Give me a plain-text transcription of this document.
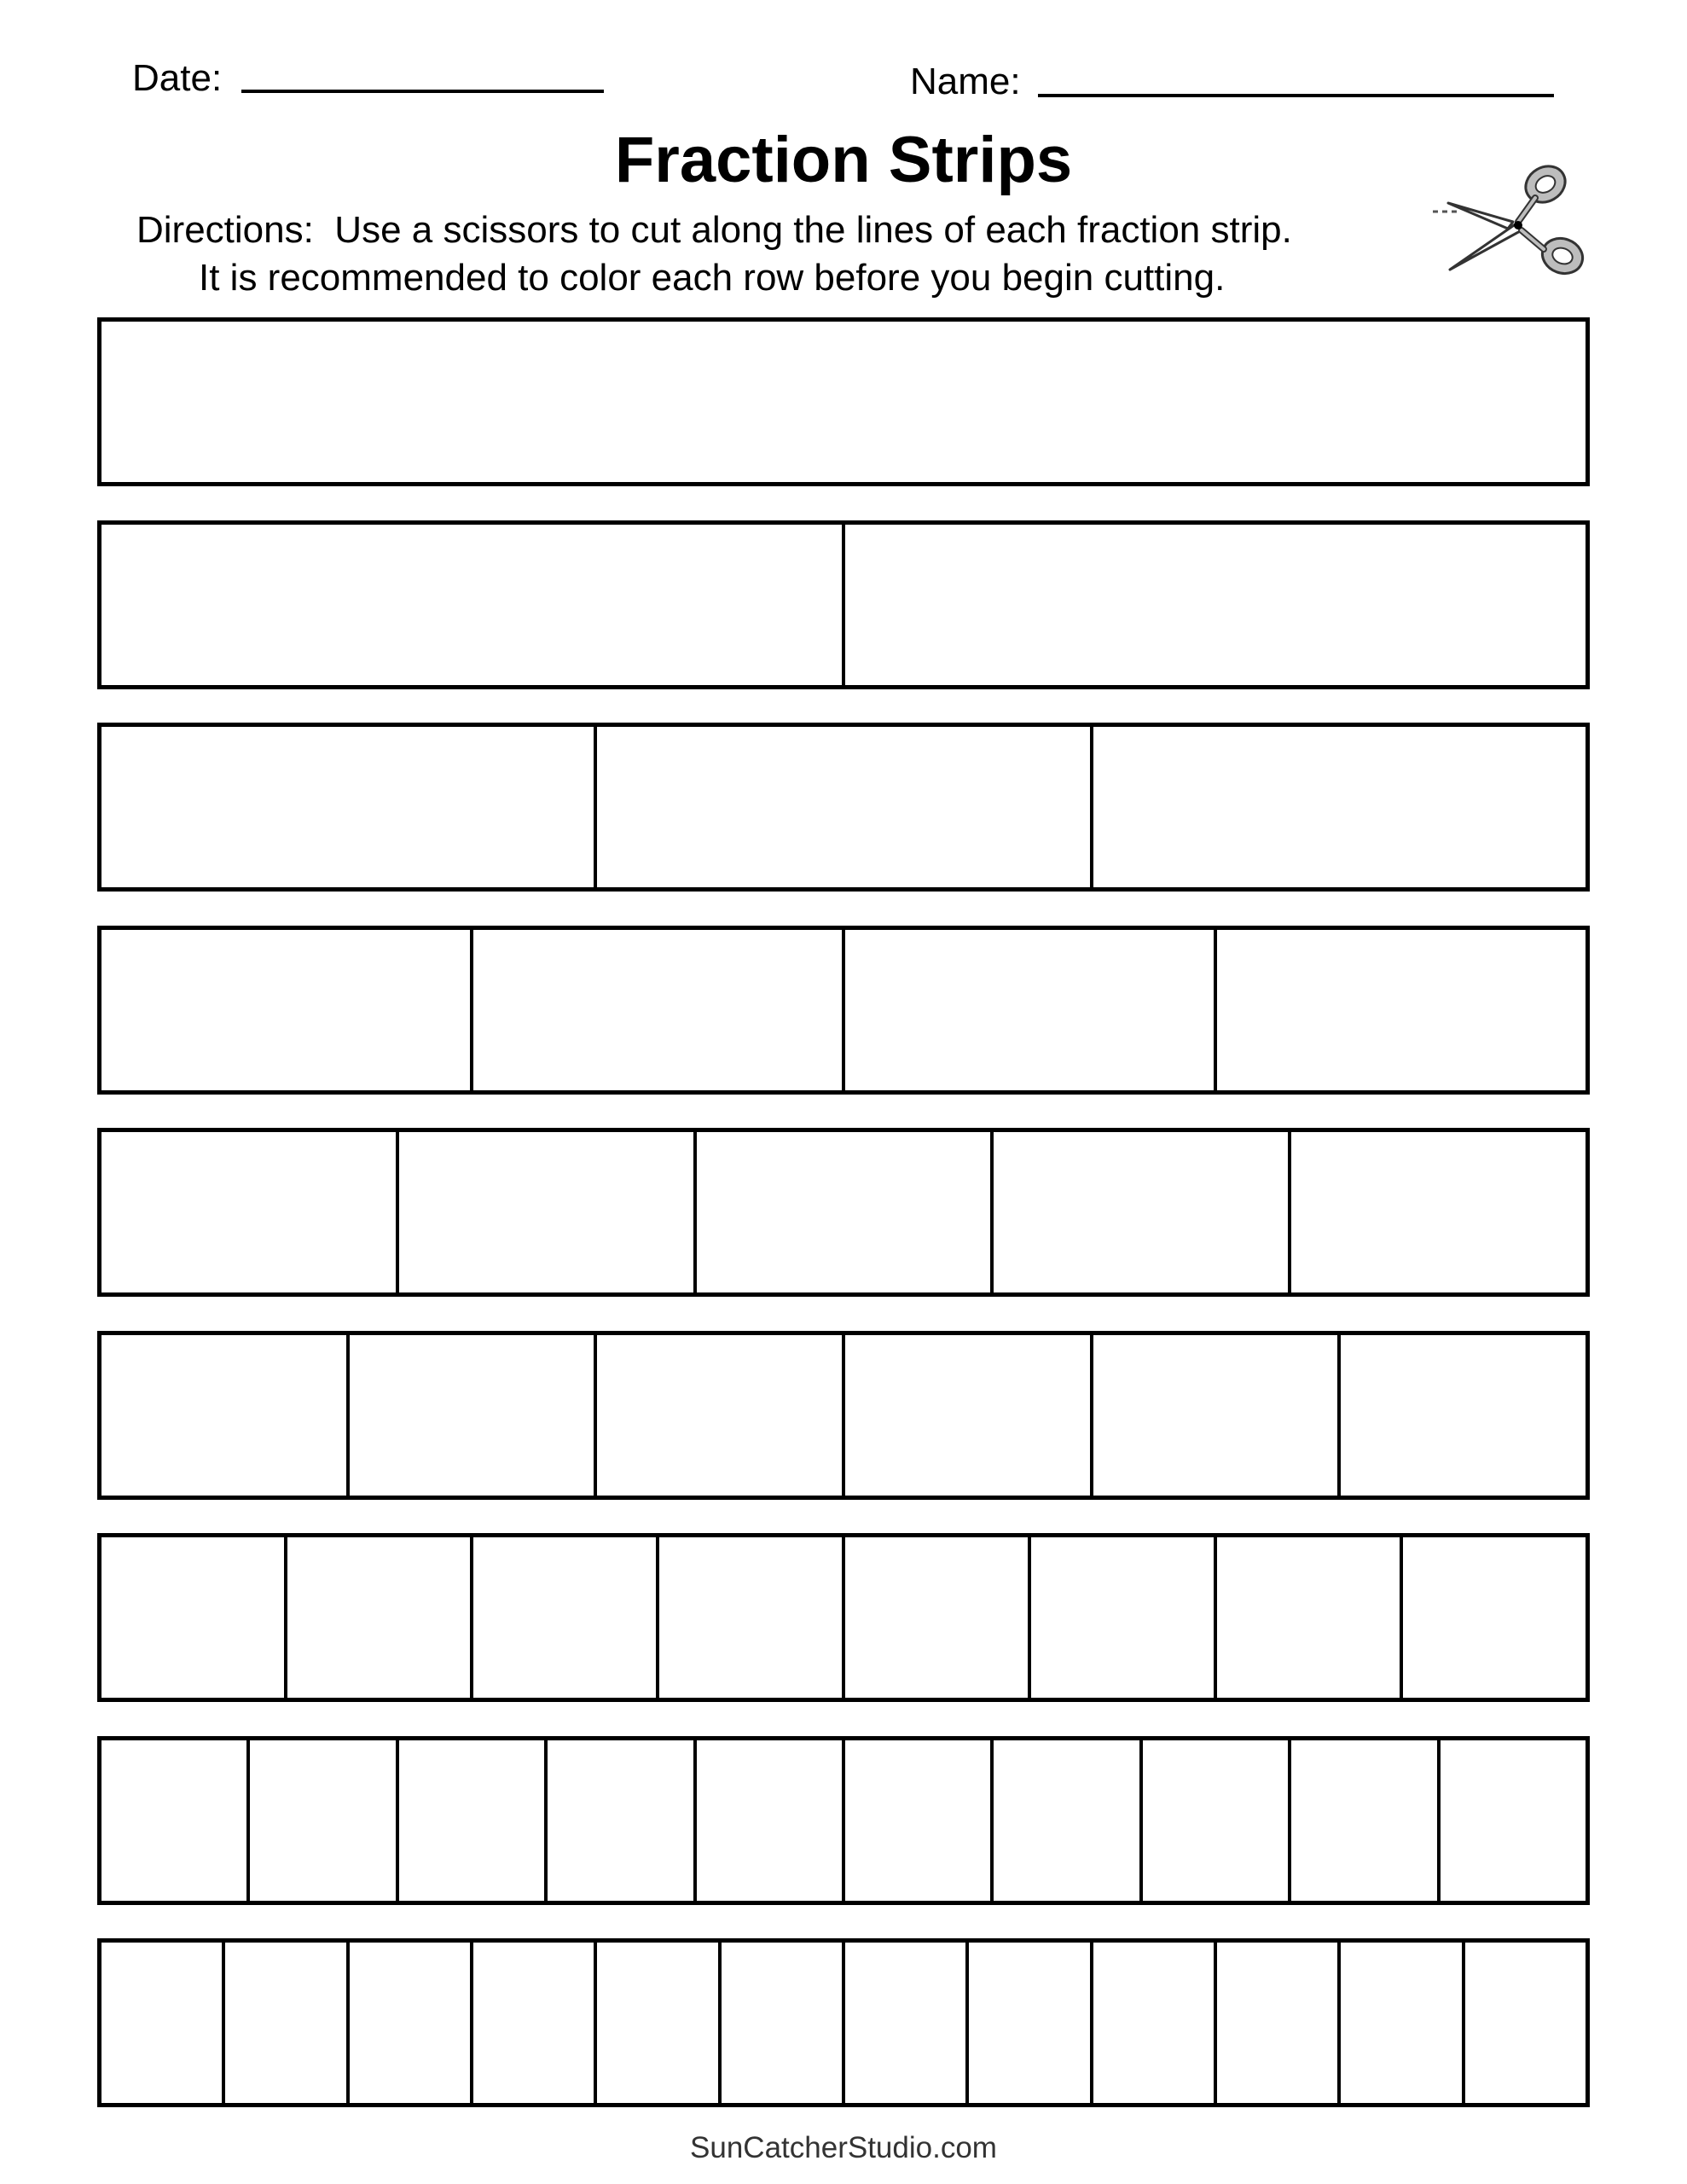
Date:	Name:
Fraction Strips
Directions:  Use a scissors to cut along the lines of each fraction strip.
It is recommended to color each row before you begin cutting.
SunCatcherStudio.com
